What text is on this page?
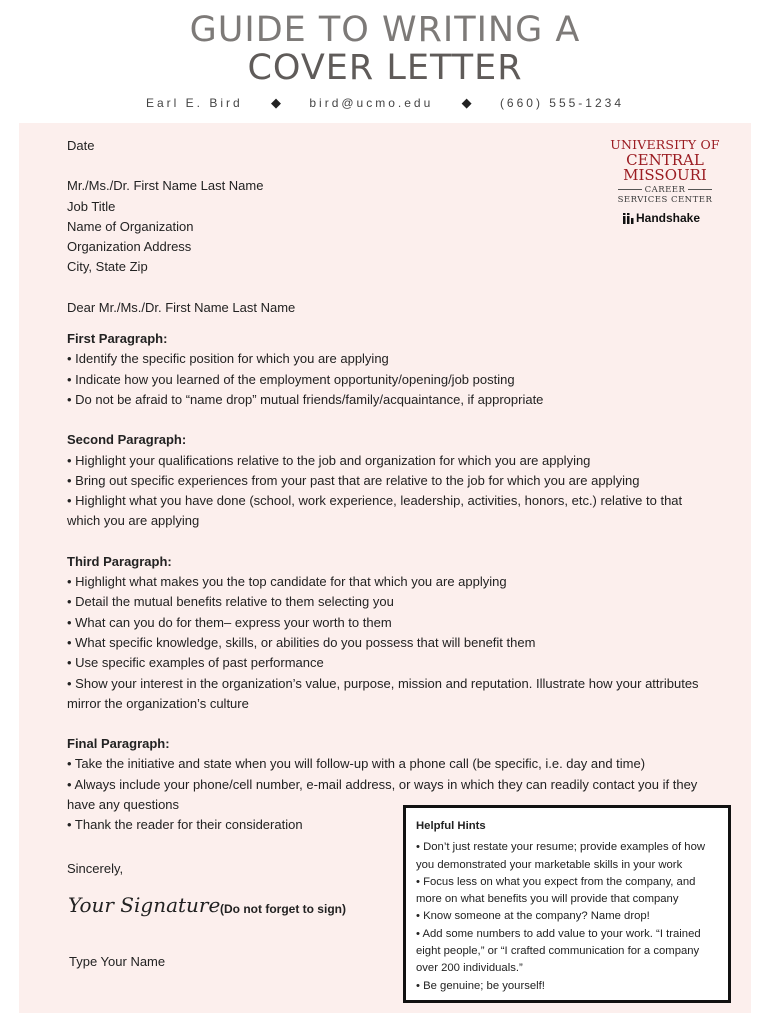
GUIDE TO WRITING A
COVER LETTER
Earl E. Bird ◆ bird@ucmo.edu ◆ (660) 555-1234
UNIVERSITY OF
CENTRAL MISSOURI
CAREER
SERVICES CENTER
Handshake

Date

Mr./Ms./Dr. First Name Last Name

Job Title

Name of Organization

Organization Address

City, State Zip

Dear Mr./Ms./Dr. First Name Last Name

First Paragraph:

• Identify the specific position for which you are applying

• Indicate how you learned of the employment opportunity/opening/job posting

• Do not be afraid to “name drop” mutual friends/family/acquaintance, if appropriate

Second Paragraph:

• Highlight your qualifications relative to the job and organization for which you are applying

• Bring out specific experiences from your past that are relative to the job for which you are applying

• Highlight what you have done (school, work experience, leadership, activities, honors, etc.) relative to that which you are applying

Third Paragraph:

• Highlight what makes you the top candidate for that which you are applying

• Detail the mutual benefits relative to them selecting you

• What can you do for them– express your worth to them

• What specific knowledge, skills, or abilities do you possess that will benefit them

• Use specific examples of past performance

• Show your interest in the organization’s value, purpose, mission and reputation. Illustrate how your attributes mirror the organization’s culture

Final Paragraph:

• Take the initiative and state when you will follow-up with a phone call (be specific, i.e. day and time)

• Always include your phone/cell number, e-mail address, or ways in which they can readily contact you if they have any questions

• Thank the reader for their consideration

Sincerely,
Your Signature (Do not forget to sign)
Type Your Name

Helpful Hints

• Don’t just restate your resume; provide examples of how you demonstrated your marketable skills in your work

• Focus less on what you expect from the company, and more on what benefits you will provide that company

• Know someone at the company? Name drop!

• Add some numbers to add value to your work. “I trained eight people,” or “I crafted communication for a company over 200 individuals.”

• Be genuine; be yourself!
